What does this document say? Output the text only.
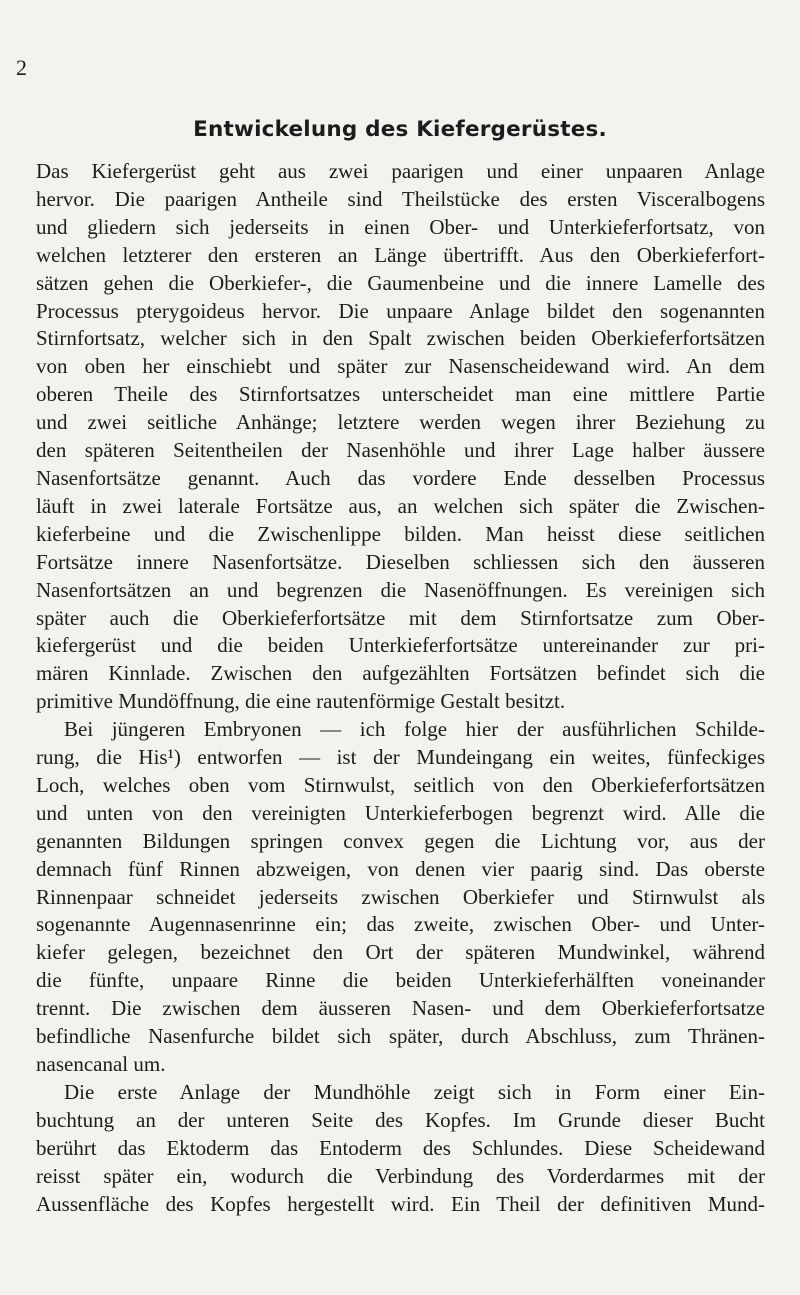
2
Entwickelung des Kiefergerüstes.

Das Kiefergerüst geht aus zwei paarigen und einer unpaaren Anlage
hervor. Die paarigen Antheile sind Theilstücke des ersten Visceralbogens
und gliedern sich jederseits in einen Ober- und Unterkieferfortsatz, von
welchen letzterer den ersteren an Länge übertrifft. Aus den Oberkieferfort-
sätzen gehen die Oberkiefer-, die Gaumenbeine und die innere Lamelle des
Processus pterygoideus hervor. Die unpaare Anlage bildet den sogenannten
Stirnfortsatz, welcher sich in den Spalt zwischen beiden Oberkieferfortsätzen
von oben her einschiebt und später zur Nasenscheidewand wird. An dem
oberen Theile des Stirnfortsatzes unterscheidet man eine mittlere Partie
und zwei seitliche Anhänge; letztere werden wegen ihrer Beziehung zu
den späteren Seitentheilen der Nasenhöhle und ihrer Lage halber äussere
Nasenfortsätze genannt. Auch das vordere Ende desselben Processus
läuft in zwei laterale Fortsätze aus, an welchen sich später die Zwischen-
kieferbeine und die Zwischenlippe bilden. Man heisst diese seitlichen
Fortsätze innere Nasenfortsätze. Dieselben schliessen sich den äusseren
Nasenfortsätzen an und begrenzen die Nasenöffnungen. Es vereinigen sich
später auch die Oberkieferfortsätze mit dem Stirnfortsatze zum Ober-
kiefergerüst und die beiden Unterkieferfortsätze untereinander zur pri-
mären Kinnlade. Zwischen den aufgezählten Fortsätzen befindet sich die
primitive Mundöffnung, die eine rautenförmige Gestalt besitzt.

Bei jüngeren Embryonen — ich folge hier der ausführlichen Schilde-
rung, die His¹) entworfen — ist der Mundeingang ein weites, fünfeckiges
Loch, welches oben vom Stirnwulst, seitlich von den Oberkieferfortsätzen
und unten von den vereinigten Unterkieferbogen begrenzt wird. Alle die
genannten Bildungen springen convex gegen die Lichtung vor, aus der
demnach fünf Rinnen abzweigen, von denen vier paarig sind. Das oberste
Rinnenpaar schneidet jederseits zwischen Oberkiefer und Stirnwulst als
sogenannte Augennasenrinne ein; das zweite, zwischen Ober- und Unter-
kiefer gelegen, bezeichnet den Ort der späteren Mundwinkel, während
die fünfte, unpaare Rinne die beiden Unterkieferhälften voneinander
trennt. Die zwischen dem äusseren Nasen- und dem Oberkieferfortsatze
befindliche Nasenfurche bildet sich später, durch Abschluss, zum Thränen-
nasencanal um.

Die erste Anlage der Mundhöhle zeigt sich in Form einer Ein-
buchtung an der unteren Seite des Kopfes. Im Grunde dieser Bucht
berührt das Ektoderm das Entoderm des Schlundes. Diese Scheidewand
reisst später ein, wodurch die Verbindung des Vorderdarmes mit der
Aussenfläche des Kopfes hergestellt wird. Ein Theil der definitiven Mund-
